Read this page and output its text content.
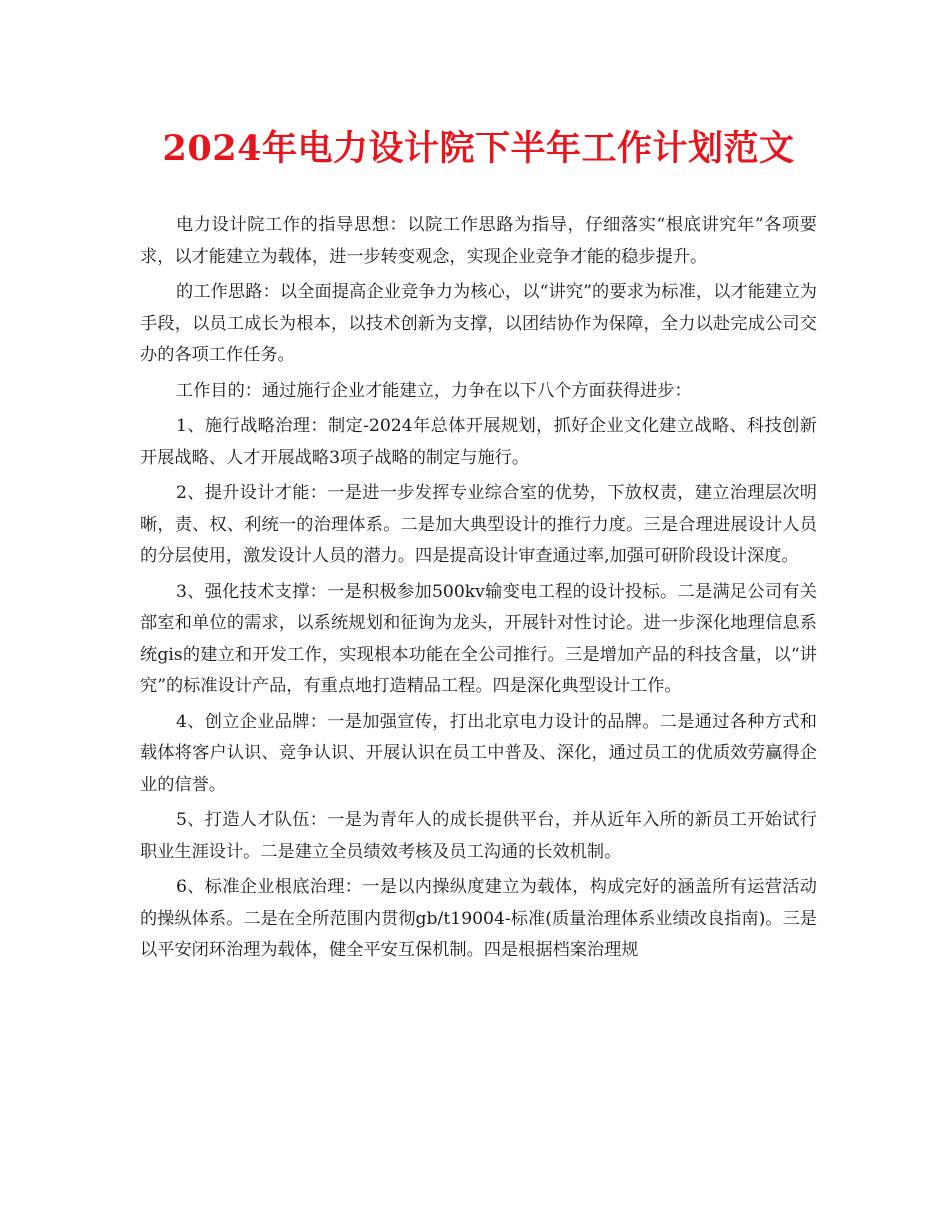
2024年电力设计院下半年工作计划范文

电力设计院工作的指导思想：以院工作思路为指导，仔细落实“根底讲究年”各项要求，以才能建立为载体，进一步转变观念，实现企业竞争才能的稳步提升。

的工作思路：以全面提高企业竞争力为核心，以“讲究”的要求为标准，以才能建立为手段，以员工成长为根本，以技术创新为支撑，以团结协作为保障，全力以赴完成公司交办的各项工作任务。

工作目的：通过施行企业才能建立，力争在以下八个方面获得进步：

1、施行战略治理：制定-2024年总体开展规划，抓好企业文化建立战略、科技创新开展战略、人才开展战略3项子战略的制定与施行。

2、提升设计才能：一是进一步发挥专业综合室的优势，下放权责，建立治理层次明晰，责、权、利统一的治理体系。二是加大典型设计的推行力度。三是合理进展设计人员的分层使用，激发设计人员的潜力。四是提高设计审查通过率,加强可研阶段设计深度。

3、强化技术支撑：一是积极参加500kv输变电工程的设计投标。二是满足公司有关部室和单位的需求，以系统规划和征询为龙头，开展针对性讨论。进一步深化地理信息系统gis的建立和开发工作，实现根本功能在全公司推行。三是增加产品的科技含量，以“讲究”的标准设计产品，有重点地打造精品工程。四是深化典型设计工作。

4、创立企业品牌：一是加强宣传，打出北京电力设计的品牌。二是通过各种方式和载体将客户认识、竞争认识、开展认识在员工中普及、深化，通过员工的优质效劳赢得企业的信誉。

5、打造人才队伍：一是为青年人的成长提供平台，并从近年入所的新员工开始试行职业生涯设计。二是建立全员绩效考核及员工沟通的长效机制。

6、标准企业根底治理：一是以内操纵度建立为载体，构成完好的涵盖所有运营活动的操纵体系。二是在全所范围内贯彻gb/t19004-标准(质量治理体系业绩改良指南)。三是以平安闭环治理为载体，健全平安互保机制。四是根据档案治理规
